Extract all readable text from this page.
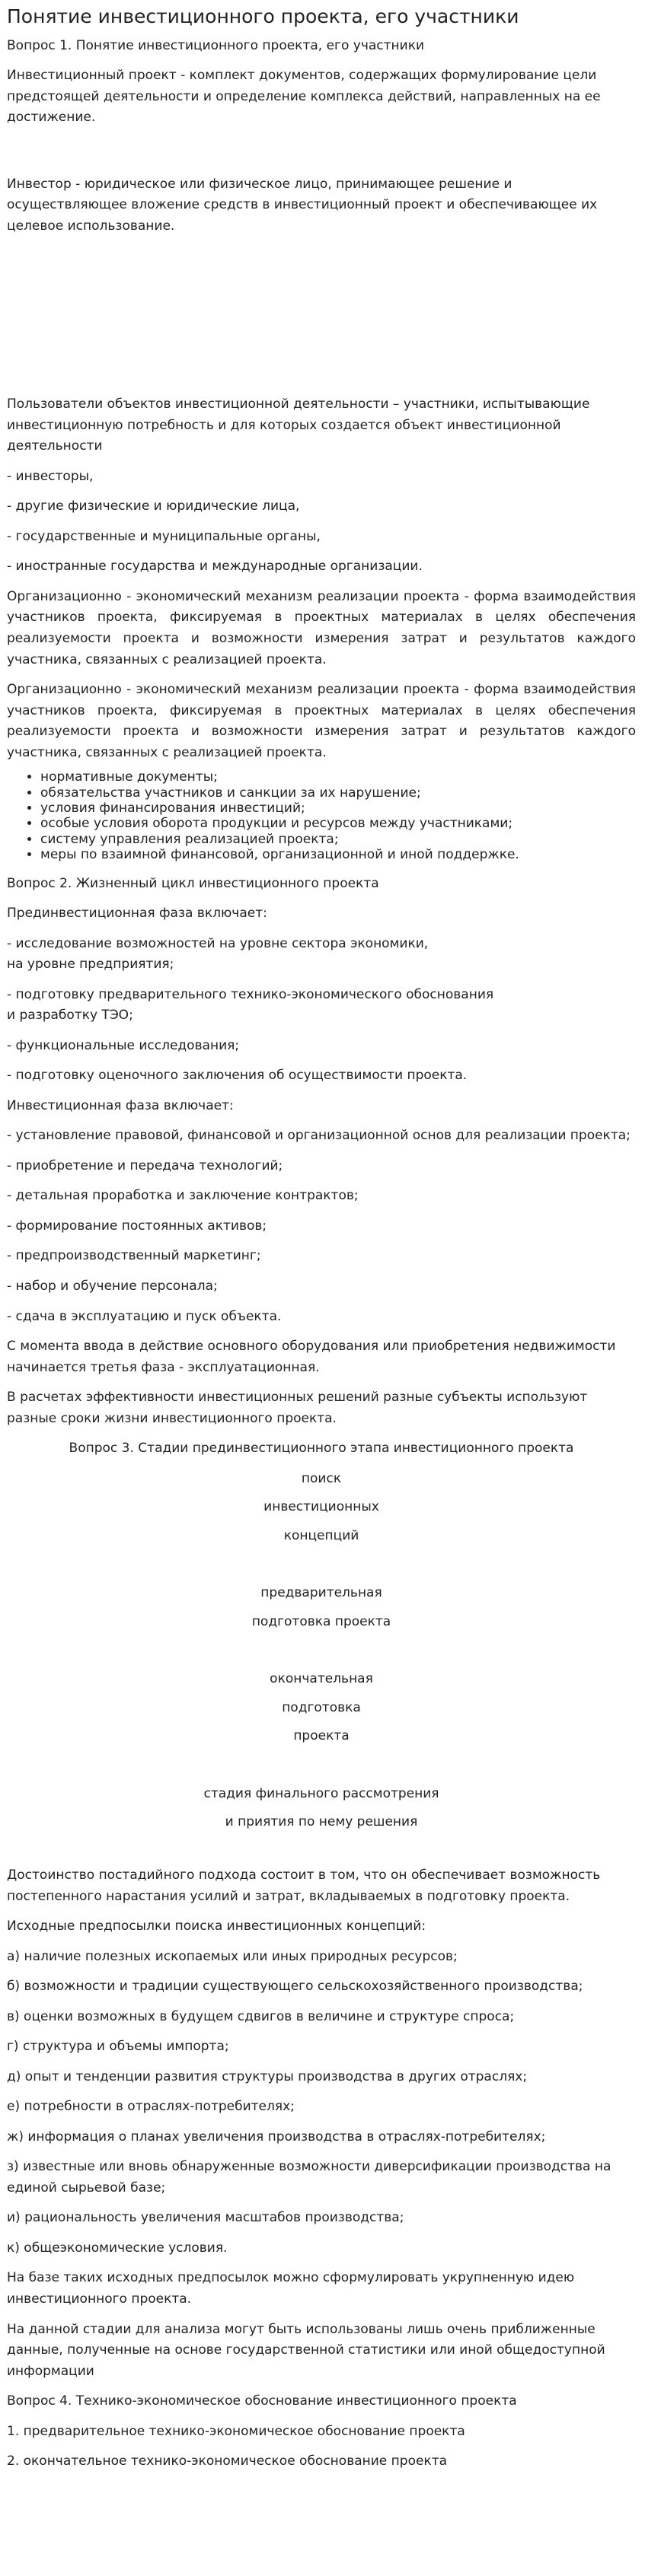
Понятие инвестиционного проекта, его участники

Вопрос 1. Понятие инвестиционного проекта, его участники

Инвестиционный проект - комплект документов, содержащих формулирование цели предстоящей деятельности и определение комплекса действий, направленных на ее достижение.

Инвестор - юридическое или физическое лицо, принимающее решение и осуществляющее вложение средств в инвестиционный проект и обеспечивающее их целевое использование.

Пользователи объектов инвестиционной деятельности – участники, испытывающие инвестиционную потребность и для которых создается объект инвестиционной деятельности

- инвесторы,

- другие физические и юридические лица,

- государственные и муниципальные органы,

- иностранные государства и международные организации.

Организационно - экономический механизм реализации проекта - форма взаимодействия участников проекта, фиксируемая в проектных материалах в целях обеспечения реализуемости проекта и возможности измерения затрат и результатов каждого участника, связанных с реализацией проекта.

Организационно - экономический механизм реализации проекта - форма взаимодействия участников проекта, фиксируемая в проектных материалах в целях обеспечения реализуемости проекта и возможности измерения затрат и результатов каждого участника, связанных с реализацией проекта.

• нормативные документы;
• обязательства участников и санкции за их нарушение;
• условия финансирования инвестиций;
• особые условия оборота продукции и ресурсов между участниками;
• систему управления реализацией проекта;
• меры по взаимной финансовой, организационной и иной поддержке.

Вопрос 2. Жизненный цикл инвестиционного проекта

Прединвестиционная фаза включает:

- исследование возможностей на уровне сектора экономики,
на уровне предприятия;

- подготовку предварительного технико-экономического обоснования
и разработку ТЭО;

- функциональные исследования;

- подготовку оценочного заключения об осуществимости проекта.

Инвестиционная фаза включает:

- установление правовой, финансовой и организационной основ для реализации проекта;

- приобретение и передача технологий;

- детальная проработка и заключение контрактов;

- формирование постоянных активов;

- предпроизводственный маркетинг;

- набор и обучение персонала;

- сдача в эксплуатацию и пуск объекта.

С момента ввода в действие основного оборудования или приобретения недвижимости начинается третья фаза - эксплуатационная.

В расчетах эффективности инвестиционных решений разные субъекты используют разные сроки жизни инвестиционного проекта.

Вопрос 3. Стадии прединвестиционного этапа инвестиционного проекта

поиск
инвестиционных
концепций
предварительная
подготовка проекта
окончательная
подготовка
проекта
стадия финального рассмотрения
и приятия по нему решения

Достоинство постадийного подхода состоит в том, что он обеспечивает возможность постепенного нарастания усилий и затрат, вкладываемых в подготовку проекта.

Исходные предпосылки поиска инвестиционных концепций:

а) наличие полезных ископаемых или иных природных ресурсов;

б) возможности и традиции существующего сельскохозяйственного производства;

в) оценки возможных в будущем сдвигов в величине и структуре спроса;

г) структура и объемы импорта;

д) опыт и тенденции развития структуры производства в других отраслях;

е) потребности в отраслях-потребителях;

ж) информация о планах увеличения производства в отраслях-потребителях;

з) известные или вновь обнаруженные возможности диверсификации производства на единой сырьевой базе;

и) рациональность увеличения масштабов производства;

к) общеэкономические условия.

На базе таких исходных предпосылок можно сформулировать укрупненную идею инвестиционного проекта.

На данной стадии для анализа могут быть использованы лишь очень приближенные данные, полученные на основе государственной статистики или иной общедоступной информации

Вопрос 4. Технико-экономическое обоснование инвестиционного проекта

1. предварительное технико-экономическое обоснование проекта

2. окончательное технико-экономическое обоснование проекта
